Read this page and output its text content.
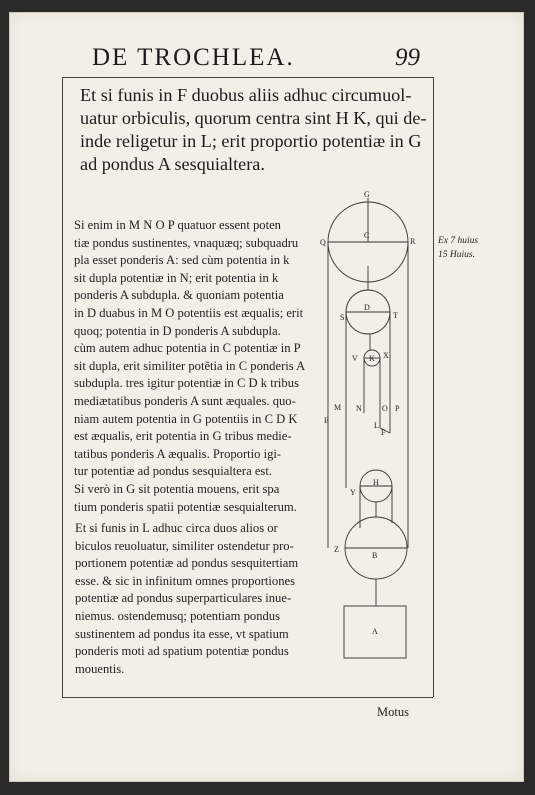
DE TROCHLEA.	99
Et si funis in F duobus aliis adhuc circumuol-
uatur orbiculis, quorum centra sint H K, qui de-
inde religetur in L; erit proportio potentiæ in G
ad pondus A sesquialtera.
Si enim in M N O P quatuor essent poten
tiæ pondus sustinentes, vnaquæq; subquadru
pla esset ponderis A: sed cùm potentia in k
sit dupla potentiæ in N; erit potentia in k
ponderis A subdupla. & quoniam potentia
in D duabus in M O potentiis est æqualis; erit
quoq; potentia in D ponderis A subdupla.
cùm autem adhuc potentia in C potentiæ in P
sit dupla, erit similiter potẽtia in C ponderis A
subdupla. tres igitur potentiæ in C D k tribus
mediætatibus ponderis A sunt æquales. quo-
niam autem potentia in G potentiis in C D K
est æqualis, erit potentia in G tribus medie-
tatibus ponderis A æqualis. Proportio igi-
tur potentiæ ad pondus sesquialtera est.
Si verò in G sit potentia mouens, erit spa
tium ponderis spatii potentiæ sesquialterum.
Et si funis in L adhuc circa duos alios or
biculos reuoluatur, similiter ostendetur pro-
portionem potentiæ ad pondus sesquitertiam
esse. & sic in infinitum omnes proportiones
potentiæ ad pondus superparticulares inue-
niemus. ostendemusq; potentiam pondus
sustinentem ad pondus ita esse, vt spatium
ponderis moti ad spatium potentiæ pondus
mouentis.
Ex 7 huius
15 Huius.
G
Q	R
C
S	T
D
V K X
M N	O P
E
L
F
Y
H
Z
B
A
Motus
